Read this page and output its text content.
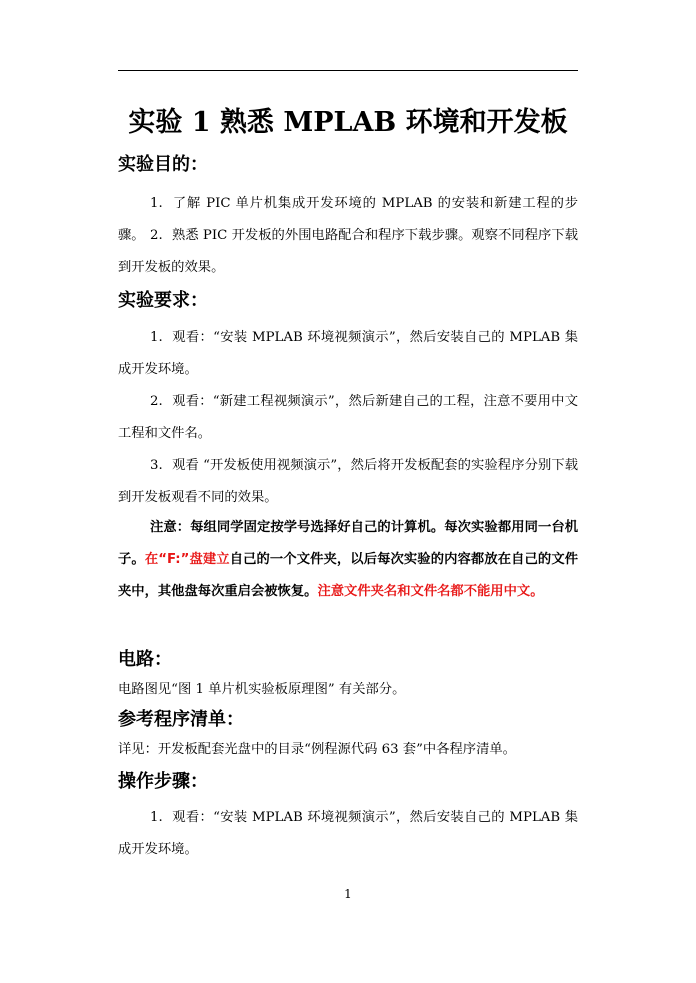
实验 1 熟悉 MPLAB 环境和开发板
实验目的：
1. 了解 PIC 单片机集成开发环境的 MPLAB 的安装和新建工程的步骤。 2. 熟悉 PIC 开发板的外围电路配合和程序下载步骤。观察不同程序下载到开发板的效果。
实验要求：
1. 观看：“安装 MPLAB 环境视频演示”，然后安装自己的 MPLAB 集成开发环境。
2. 观看：“新建工程视频演示”，然后新建自己的工程，注意不要用中文工程和文件名。
3. 观看 “开发板使用视频演示”，然后将开发板配套的实验程序分别下载到开发板观看不同的效果。
注意：每组同学固定按学号选择好自己的计算机。每次实验都用同一台机子。在“F:”盘建立自己的一个文件夹，以后每次实验的内容都放在自己的文件夹中，其他盘每次重启会被恢复。注意文件夹名和文件名都不能用中文。
电路：
电路图见“图 1 单片机实验板原理图” 有关部分。
参考程序清单：
详见：开发板配套光盘中的目录“例程源代码 63 套”中各程序清单。
操作步骤：
1. 观看：“安装 MPLAB 环境视频演示”，然后安装自己的 MPLAB 集成开发环境。
1
